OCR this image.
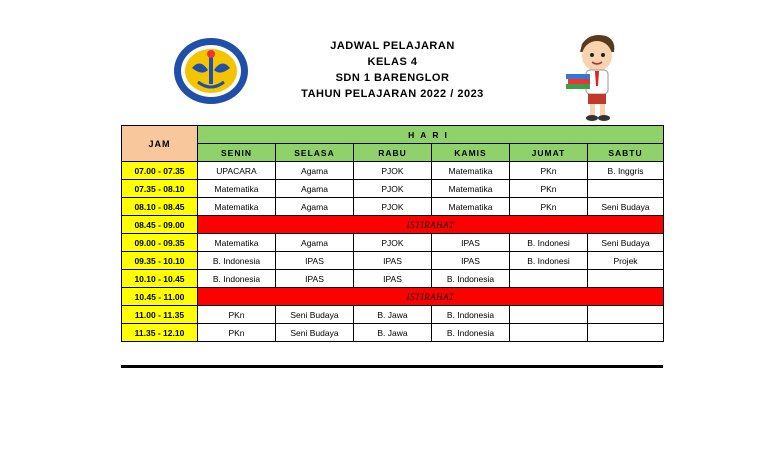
JADWAL PELAJARAN
KELAS 4
SDN 1 BARENGLOR
TAHUN PELAJARAN 2022 / 2023
JAM	HARI					
	SENIN	SELASA	RABU	KAMIS	JUMAT	SABTU
07.00 - 07.35	UPACARA	Agama	PJOK	Matematika	PKn	B. Inggris
07.35 - 08.10	Matematika	Agama	PJOK	Matematika	PKn	
08.10 - 08.45	Matematika	Agama	PJOK	Matematika	PKn	Seni Budaya
08.45 - 09.00	ISTIRAHAT					
09.00 - 09.35	Matematika	Agama	PJOK	IPAS	B. Indonesi	Seni Budaya
09.35 - 10.10	B. Indonesia	IPAS	IPAS	IPAS	B. Indonesi	Projek
10.10 - 10.45	B. Indonesia	IPAS	IPAS	B. Indonesia		
10.45 - 11.00	ISTIRAHAT					
11.00 - 11.35	PKn	Seni Budaya	B. Jawa	B. Indonesia		
11.35 - 12.10	PKn	Seni Budaya	B. Jawa	B. Indonesia		
